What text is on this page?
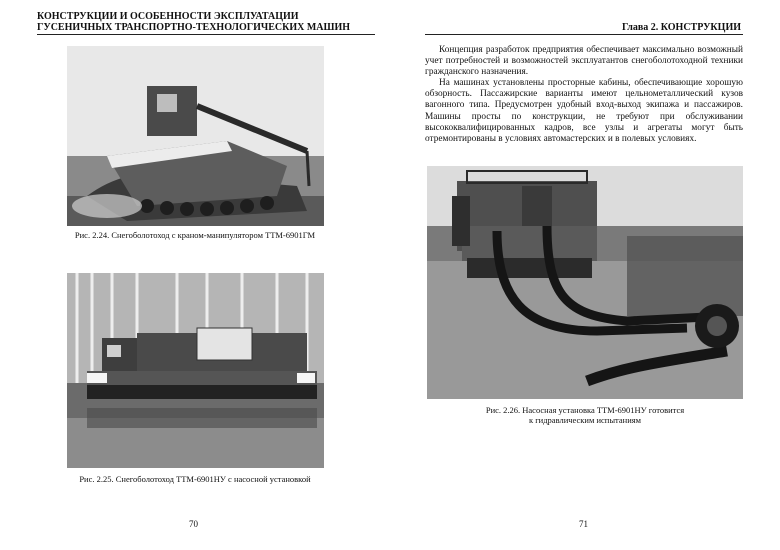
КОНСТРУКЦИИ И ОСОБЕННОСТИ ЭКСПЛУАТАЦИИ
ГУСЕНИЧНЫХ ТРАНСПОРТНО-ТЕХНОЛОГИЧЕСКИХ МАШИН	Глава 2. КОНСТРУКЦИИ
Рис. 2.24. Снегоболотоход с краном-манипулятором ТТМ-6901ГМ
Рис. 2.25. Снегоболотоход ТТМ-6901НУ с насосной установкой
70

Концепция разработок предприятия обеспечивает максимально возможный учет потребностей и возможностей эксплуатантов снегоболотоходной техники гражданского назначения.

На машинах установлены просторные кабины, обеспечивающие хорошую обзорность. Пассажирские варианты имеют цельнометаллический кузов вагонного типа. Предусмотрен удобный вход-выход экипажа и пассажиров. Машины просты по конструкции, не требуют при обслуживании высококвалифицированных кадров, все узлы и агрегаты могут быть отремонтированы в условиях автомастерских и в полевых условиях.

Рис. 2.26. Насосная установка ТТМ-6901НУ готовится
к гидравлическим испытаниям
71
